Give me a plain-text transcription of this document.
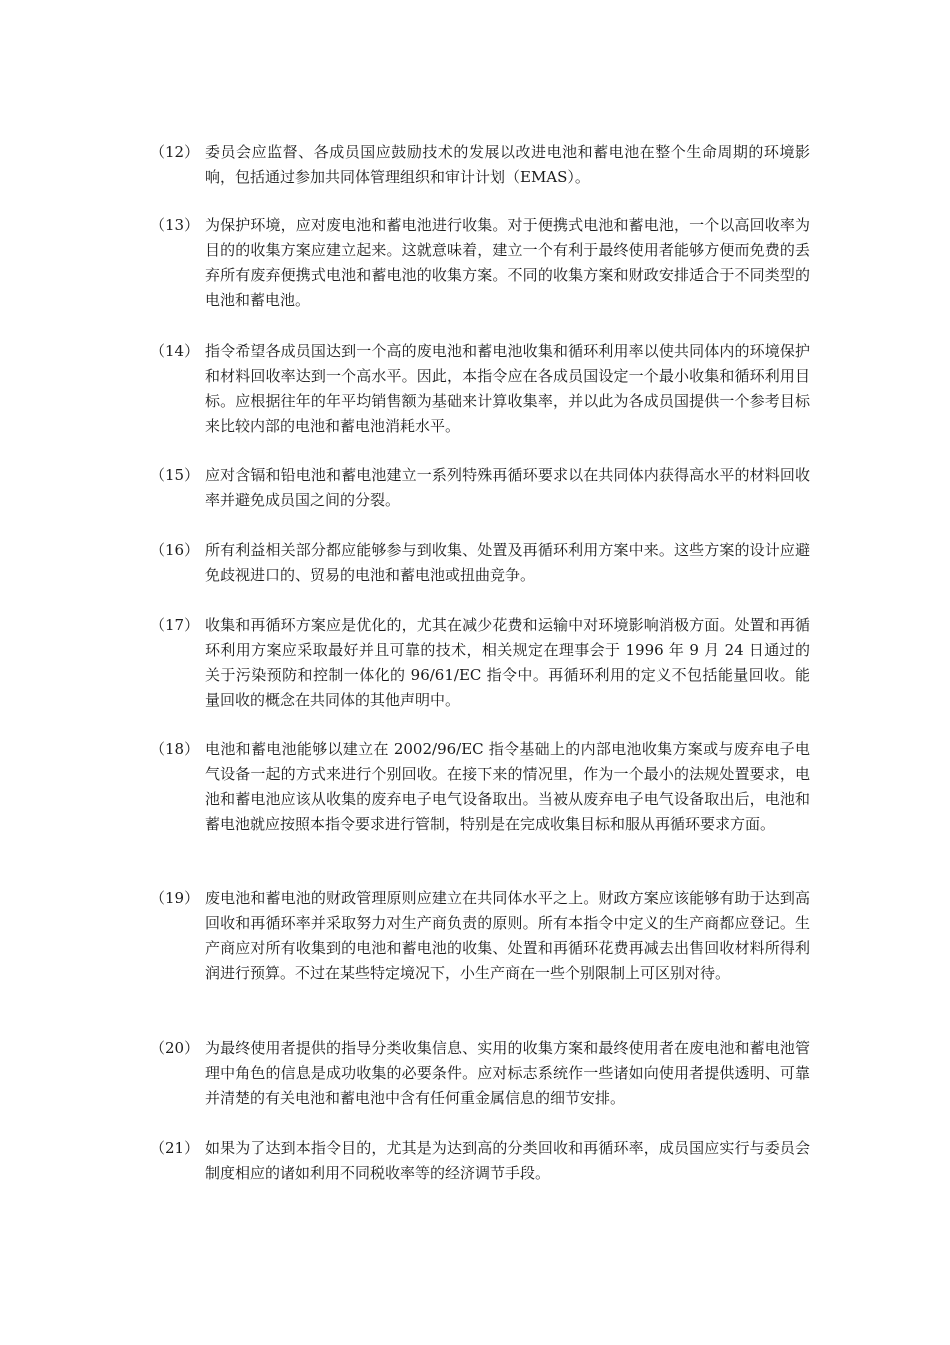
（12） 委员会应监督、各成员国应鼓励技术的发展以改进电池和蓄电池在整个生命周期的环境影响，包括通过参加共同体管理组织和审计计划（EMAS）。
（13） 为保护环境，应对废电池和蓄电池进行收集。对于便携式电池和蓄电池，一个以高回收率为目的的收集方案应建立起来。这就意味着，建立一个有利于最终使用者能够方便而免费的丢弃所有废弃便携式电池和蓄电池的收集方案。不同的收集方案和财政安排适合于不同类型的电池和蓄电池。
（14） 指令希望各成员国达到一个高的废电池和蓄电池收集和循环利用率以使共同体内的环境保护和材料回收率达到一个高水平。因此，本指令应在各成员国设定一个最小收集和循环利用目标。应根据往年的年平均销售额为基础来计算收集率，并以此为各成员国提供一个参考目标来比较内部的电池和蓄电池消耗水平。
（15） 应对含镉和铅电池和蓄电池建立一系列特殊再循环要求以在共同体内获得高水平的材料回收率并避免成员国之间的分裂。
（16） 所有利益相关部分都应能够参与到收集、处置及再循环利用方案中来。这些方案的设计应避免歧视进口的、贸易的电池和蓄电池或扭曲竞争。
（17） 收集和再循环方案应是优化的，尤其在减少花费和运输中对环境影响消极方面。处置和再循环利用方案应采取最好并且可靠的技术，相关规定在理事会于 1996 年 9 月 24 日通过的关于污染预防和控制一体化的 96/61/EC 指令中。再循环利用的定义不包括能量回收。能量回收的概念在共同体的其他声明中。
（18） 电池和蓄电池能够以建立在 2002/96/EC 指令基础上的内部电池收集方案或与废弃电子电气设备一起的方式来进行个别回收。在接下来的情况里，作为一个最小的法规处置要求，电池和蓄电池应该从收集的废弃电子电气设备取出。当被从废弃电子电气设备取出后，电池和蓄电池就应按照本指令要求进行管制，特别是在完成收集目标和服从再循环要求方面。
（19） 废电池和蓄电池的财政管理原则应建立在共同体水平之上。财政方案应该能够有助于达到高回收和再循环率并采取努力对生产商负责的原则。所有本指令中定义的生产商都应登记。生产商应对所有收集到的电池和蓄电池的收集、处置和再循环花费再减去出售回收材料所得利润进行预算。不过在某些特定境况下，小生产商在一些个别限制上可区别对待。
（20） 为最终使用者提供的指导分类收集信息、实用的收集方案和最终使用者在废电池和蓄电池管理中角色的信息是成功收集的必要条件。应对标志系统作一些诸如向使用者提供透明、可靠并清楚的有关电池和蓄电池中含有任何重金属信息的细节安排。
（21） 如果为了达到本指令目的，尤其是为达到高的分类回收和再循环率，成员国应实行与委员会制度相应的诸如利用不同税收率等的经济调节手段。
